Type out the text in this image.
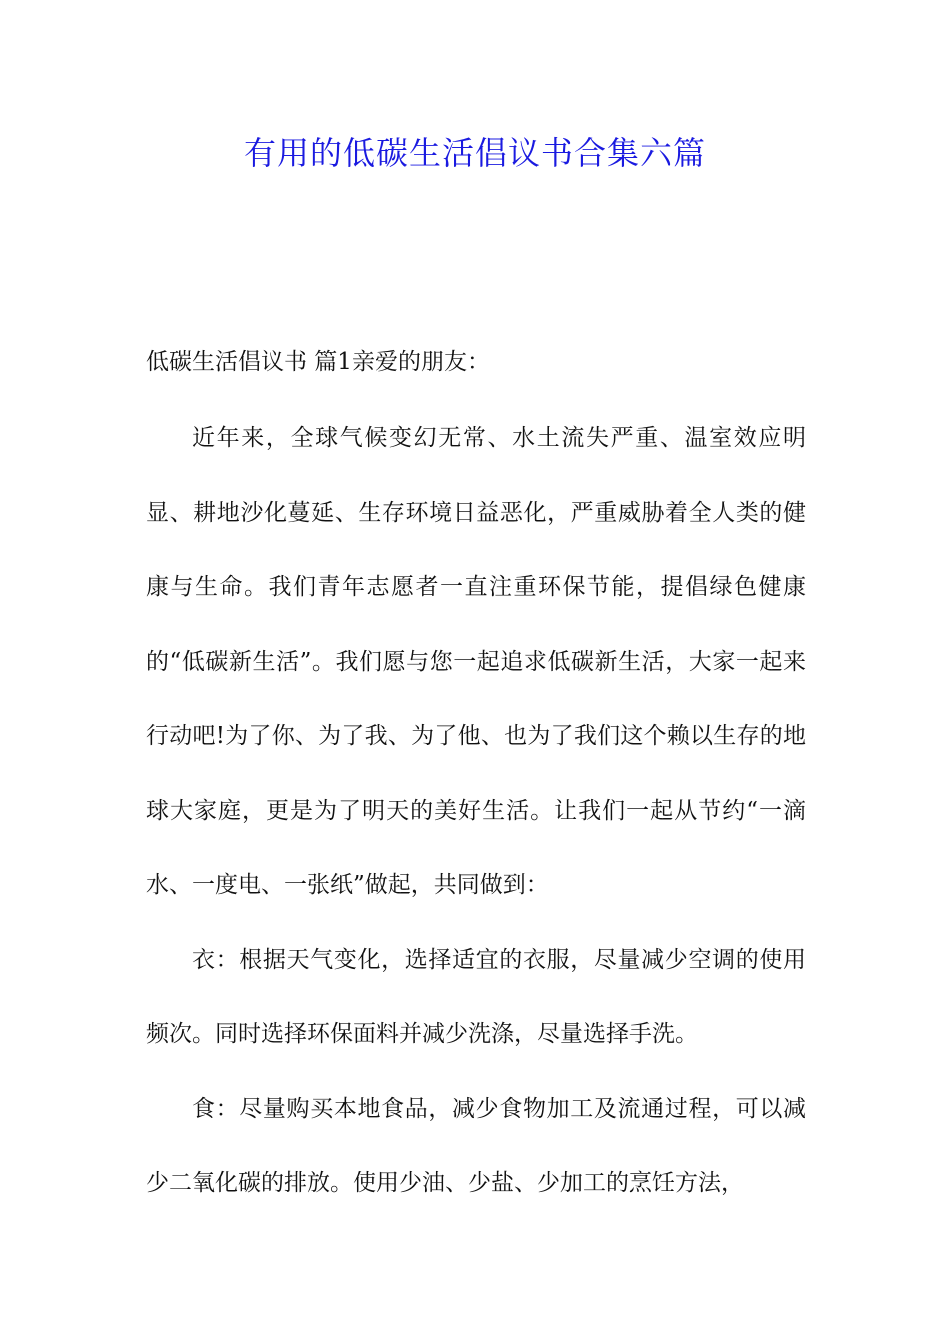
有用的低碳生活倡议书合集六篇
低碳生活倡议书 篇1亲爱的朋友：

近年来，全球气候变幻无常、水土流失严重、温室效应明显、耕地沙化蔓延、生存环境日益恶化，严重威胁着全人类的健康与生命。我们青年志愿者一直注重环保节能，提倡绿色健康的“低碳新生活”。我们愿与您一起追求低碳新生活，大家一起来行动吧!为了你、为了我、为了他、也为了我们这个赖以生存的地球大家庭，更是为了明天的美好生活。让我们一起从节约“一滴水、一度电、一张纸”做起，共同做到：

衣：根据天气变化，选择适宜的衣服，尽量减少空调的使用频次。同时选择环保面料并减少洗涤，尽量选择手洗。

食：尽量购买本地食品，减少食物加工及流通过程，可以减少二氧化碳的排放。使用少油、少盐、少加工的烹饪方法，
